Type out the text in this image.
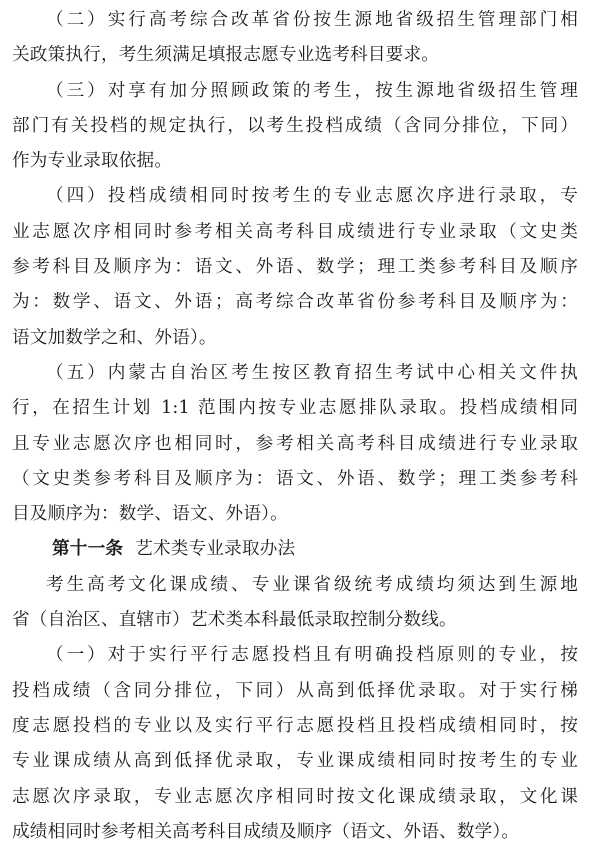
（二）实行高考综合改革省份按生源地省级招生管理部门相
关政策执行，考生须满足填报志愿专业选考科目要求。
（三）对享有加分照顾政策的考生，按生源地省级招生管理
部门有关投档的规定执行，以考生投档成绩（含同分排位，下同）
作为专业录取依据。
（四）投档成绩相同时按考生的专业志愿次序进行录取，专
业志愿次序相同时参考相关高考科目成绩进行专业录取（文史类
参考科目及顺序为：语文、外语、数学；理工类参考科目及顺序
为：数学、语文、外语；高考综合改革省份参考科目及顺序为：
语文加数学之和、外语）。
（五）内蒙古自治区考生按区教育招生考试中心相关文件执
行，在招生计划 1:1 范围内按专业志愿排队录取。投档成绩相同
且专业志愿次序也相同时，参考相关高考科目成绩进行专业录取
（文史类参考科目及顺序为：语文、外语、数学；理工类参考科
目及顺序为：数学、语文、外语）。
第十一条 艺术类专业录取办法
考生高考文化课成绩、专业课省级统考成绩均须达到生源地
省（自治区、直辖市）艺术类本科最低录取控制分数线。
（一）对于实行平行志愿投档且有明确投档原则的专业，按
投档成绩（含同分排位，下同）从高到低择优录取。对于实行梯
度志愿投档的专业以及实行平行志愿投档且投档成绩相同时，按
专业课成绩从高到低择优录取，专业课成绩相同时按考生的专业
志愿次序录取，专业志愿次序相同时按文化课成绩录取，文化课
成绩相同时参考相关高考科目成绩及顺序（语文、外语、数学）。
